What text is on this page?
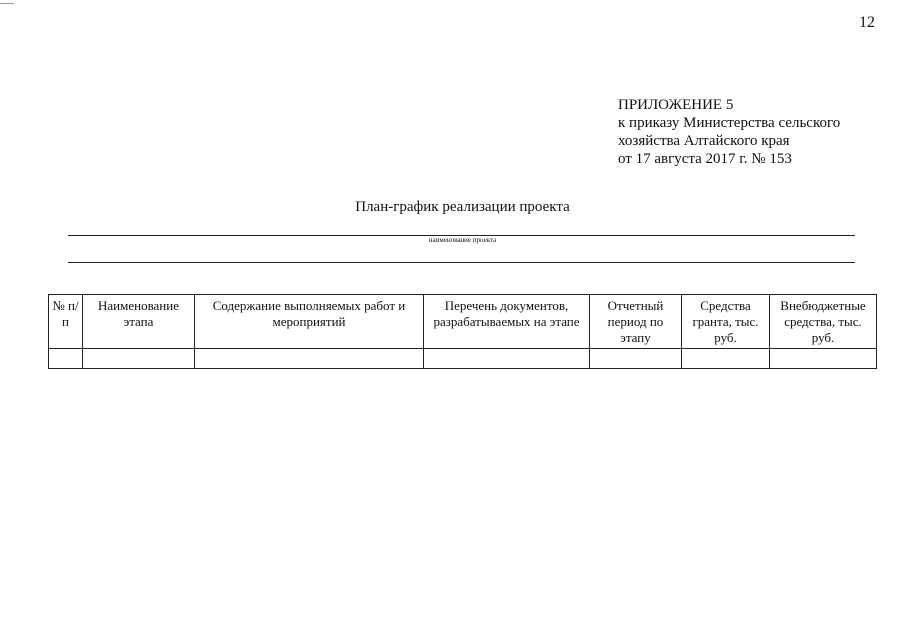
12
ПРИЛОЖЕНИЕ 5
к приказу Министерства сельского
хозяйства Алтайского края
от 17 августа 2017 г. № 153
План-график реализации проекта
наименование проекта
№ п/п	Наименование этапа	Содержание выполняемых работ и мероприятий	Перечень документов, разрабатываемых на этапе	Отчетный период по этапу	Средства гранта, тыс. руб.	Внебюджетные средства, тыс. руб.
